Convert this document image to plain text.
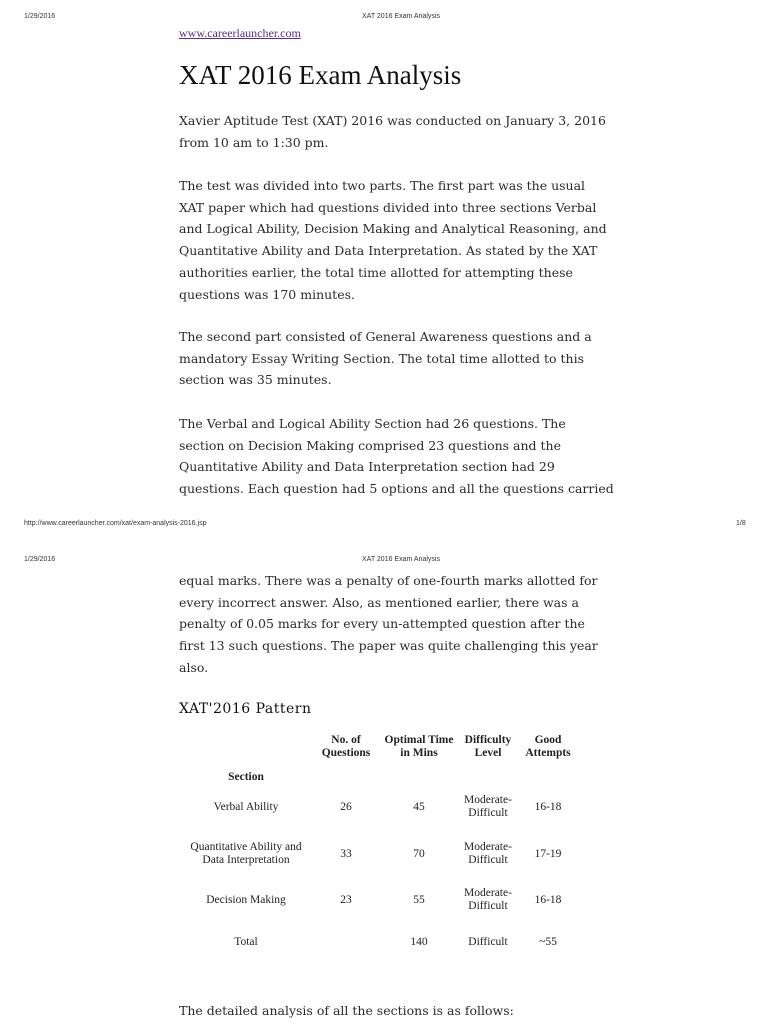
1/29/2016	XAT 2016 Exam Analysis
www.careerlauncher.com
XAT 2016 Exam Analysis
Xavier Aptitude Test (XAT) 2016 was conducted on January 3, 2016
from 10 am to 1:30 pm.
The test was divided into two parts. The first part was the usual
XAT paper which had questions divided into three sections Verbal
and Logical Ability, Decision Making and Analytical Reasoning, and
Quantitative Ability and Data Interpretation. As stated by the XAT
authorities earlier, the total time allotted for attempting these
questions was 170 minutes.
The second part consisted of General Awareness questions and a
mandatory Essay Writing Section. The total time allotted to this
section was 35 minutes.
The Verbal and Logical Ability Section had 26 questions. The
section on Decision Making comprised 23 questions and the
Quantitative Ability and Data Interpretation section had 29
questions. Each question had 5 options and all the questions carried
http://www.careerlauncher.com/xat/exam-analysis-2016.jsp	1/8
1/29/2016	XAT 2016 Exam Analysis
equal marks. There was a penalty of one-fourth marks allotted for
every incorrect answer. Also, as mentioned earlier, there was a
penalty of 0.05 marks for every un-attempted question after the
first 13 such questions. The paper was quite challenging this year
also.
XAT'2016 Pattern
Section	No. of Questions	Optimal Time in Mins	Difficulty Level	Good Attempts
Verbal Ability	26	45	Moderate-Difficult	16-18
Quantitative Ability and Data Interpretation	33	70	Moderate-Difficult	17-19
Decision Making	23	55	Moderate-Difficult	16-18
Total		140	Difficult	~55
The detailed analysis of all the sections is as follows:
